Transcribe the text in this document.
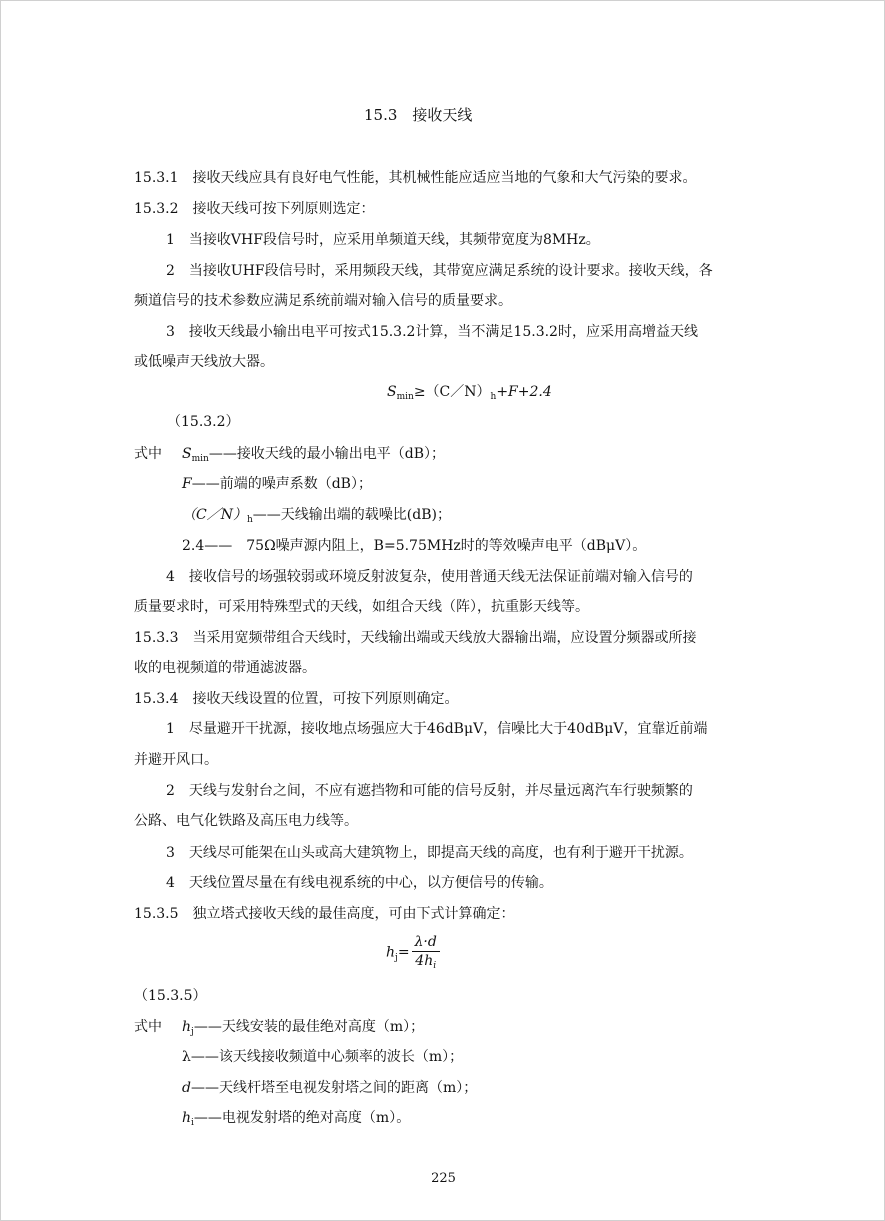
15.3　接收天线
15.3.1　接收天线应具有良好电气性能，其机械性能应适应当地的气象和大气污染的要求。
15.3.2　接收天线可按下列原则选定：
1　当接收VHF段信号时，应采用单频道天线，其频带宽度为8MHz。
2　当接收UHF段信号时，采用频段天线，其带宽应满足系统的设计要求。接收天线，各
频道信号的技术参数应满足系统前端对输入信号的质量要求。
3　接收天线最小输出电平可按式15.3.2计算，当不满足15.3.2时，应采用高增益天线
或低噪声天线放大器。
$S_{min}\ge(C/N)_h+F+2.4$
（15.3.2）
式中 $S_{min}——$接收天线的最小输出电平（dB）；
F——前端的噪声系数（dB）；
$(C/N)_h——$天线输出端的载噪比(dB)；
2.4——　75Ω噪声源内阻上，B=5.75MHz时的等效噪声电平（dBμV）。
4　接收信号的场强较弱或环境反射波复杂，使用普通天线无法保证前端对输入信号的
质量要求时，可采用特殊型式的天线，如组合天线（阵），抗重影天线等。
15.3.3　当采用宽频带组合天线时，天线输出端或天线放大器输出端，应设置分频器或所接
收的电视频道的带通滤波器。
15.3.4　接收天线设置的位置，可按下列原则确定。
1　尽量避开干扰源，接收地点场强应大于46dBμV，信噪比大于40dBμV，宜靠近前端
并避开风口。
2　天线与发射台之间，不应有遮挡物和可能的信号反射，并尽量远离汽车行驶频繁的
公路、电气化铁路及高压电力线等。
3　天线尽可能架在山头或高大建筑物上，即提高天线的高度，也有利于避开干扰源。
4　天线位置尽量在有线电视系统的中心，以方便信号的传输。
15.3.5　独立塔式接收天线的最佳高度，可由下式计算确定：
$h_j= \frac{\lambda\cdot d}{4h_i}$
（15.3.5）
式中 $h_j——$天线安装的最佳绝对高度（m）；
λ——该天线接收频道中心频率的波长（m）；
d——天线杆塔至电视发射塔之间的距离（m）；
$h_i——$电视发射塔的绝对高度（m）。
225
